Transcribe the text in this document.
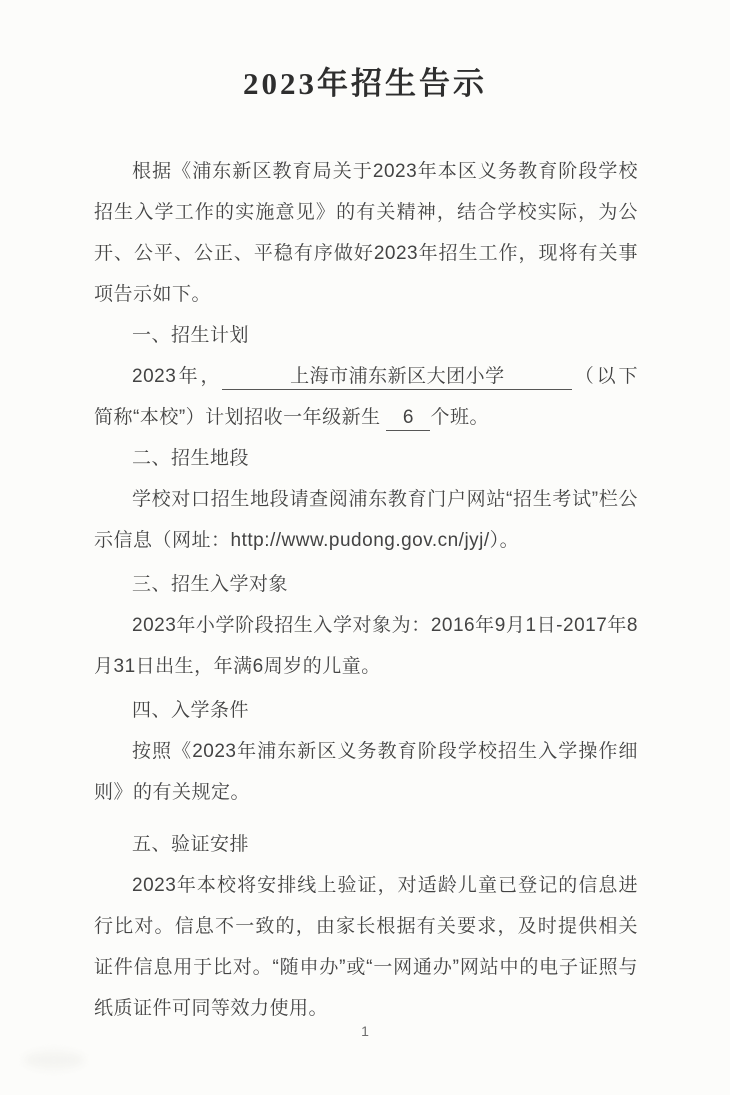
2023年招生告示

根据《浦东新区教育局关于2023年本区义务教育阶段学校招生入学工作的实施意见》的有关精神，结合学校实际，为公开、公平、公正、平稳有序做好2023年招生工作，现将有关事项告示如下。

一、招生计划

2023年，	上海市浦东新区大团小学	（以下简称“本校”）计划招收一年级新生 6 个班。

二、招生地段

学校对口招生地段请查阅浦东教育门户网站“招生考试”栏公示信息（网址：http://www.pudong.gov.cn/jyj/）。

三、招生入学对象

2023年小学阶段招生入学对象为：2016年9月1日-2017年8月31日出生，年满6周岁的儿童。

四、入学条件

按照《2023年浦东新区义务教育阶段学校招生入学操作细则》的有关规定。

五、验证安排

2023年本校将安排线上验证，对适龄儿童已登记的信息进行比对。信息不一致的，由家长根据有关要求，及时提供相关证件信息用于比对。“随申办”或“一网通办”网站中的电子证照与纸质证件可同等效力使用。

1
